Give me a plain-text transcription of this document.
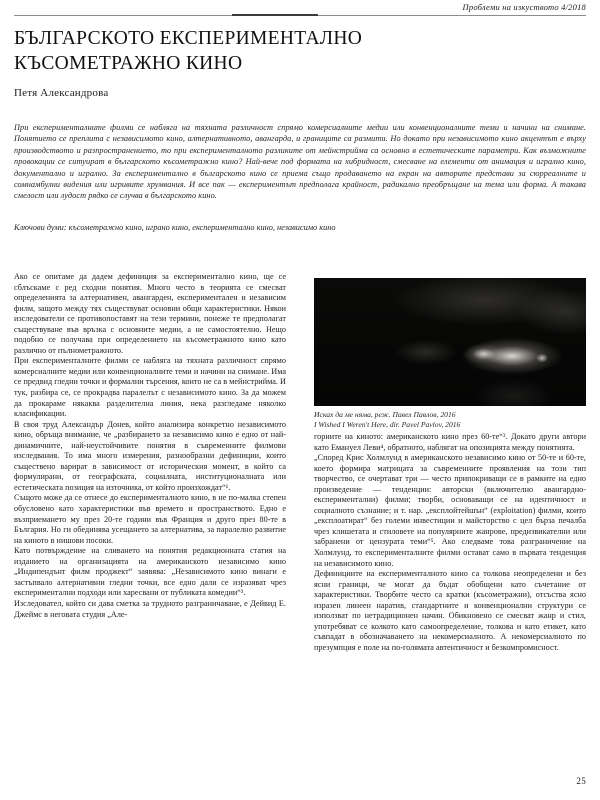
Проблеми на изкуството 4/2018
БЪЛГАРСКОТО ЕКСПЕРИМЕНТАЛНО
КЪСОМЕТРАЖНО КИНО
Петя Александрова
При експерименталните филми се набляга на тяхната различност спрямо комерсиалните медии или конвенционалните теми и начини на снимане. Понятието се преплита с независимото кино, алтернативното, авангарда, и границите са размити. Но докато при независимото кино акцентът е върху производството и разпространението, то при експерименталното разликите от мейнстрийма са основно в естетическите параметри. Как възможните провокации се ситуират в българското късометражно кино? Най-вече под формата на хибридност, смесване на елементи от анимация и игрално кино, документално и игрално. За експериментално в българското кино се приема също продаването на екран на авторите представи за сюрреалните и сомнамбулни видения или игривите хрумвания. И все пак — експериментът предполага крайност, радикално преобръщане на тема или форма. А такава смелост или лудост рядко се случва в българското кино.
Ключови думи: късометражно кино, играно кино, експериментално кино, независимо кино

Ако се опитаме да дадем дефиниция за експериментално кино, ще се сблъскаме с ред сходни понятия. Много често в теорията се смесват определенията за алтернативен, авангарден, експериментален и независим филм, защото между тях съществуват основни общи характеристики. Някои изследователи се противопоставят на тези термини, понеже те предполагат съществуване във връзка с основните медии, а не самостоятелно. Нещо подобно се получава при определението на късометражното кино като различно от пълнометражното.

При експерименталните филми се набляга на тяхната различност спрямо комерсиалните медии или конвенционалните теми и начини на снимане. Има се предвид гледни точки и формални търсения, които не са в мейнстрийма. И тук, разбира се, се прокрадва паралелът с независимото кино. За да можем да прокараме някаква разделителна линия, нека разгледаме няколко класификации.

В своя труд Александър Донев, който анализира конкретно независимото кино, обръща внимание, че „разбирането за независимо кино е едно от най-динамичните, най-неустойчивите понятия в съвременните филмови изследвания. То има много измерения, разнообразни дефиниции, които съществено варират в зависимост от историческия момент, в който са формулирани, от географската, социалната, институционалната или естетическата позиция на източника, от който произхождат“¹.

Същото може да се отнесе до експерименталното кино, в не по-малка степен обусловено като характеристики във времето и пространството. Едно е възприемането му през 20-те години във Франция и друго през 80-те в България. Но ги обединява усещането за алтернатива, за паралелно развитие на киното в нишови посоки.

Като потвърждение на сливането на понятия редакционната статия на изданието на организацията на американското независимо кино „Индипендънт филм проджект“ заявява: „Независимото кино винаги е застъпвало алтернативни гледни точки, все едно дали се изразяват чрез експериментални подходи или харесвани от публиката комедии“².

Изследовател, който си дава сметка за трудното разграничаване, е Дейвид Е. Джеймс в неговата студия „Але-

Исках да ме няма, реж. Павел Павлов, 2016
I Wished I Weren't Here, dir. Pavel Pavlov, 2016

гориите на киното: американското кино през 60-те“³. Докато други автори като Емануел Леви⁴, обратното, наблягат на опозицията между понятията.

„Според Крис Холмлунд в американското независимо кино от 50-те и 60-те, което формира матрицата за съвременните проявления на този тип творчество, се очертават три — често припокриващи се в рамките на едно произведение — тенденции: авторски (включително авангардно-експериментални) филми; творби, основаващи се на идентичност и социалното съзнание; и т. нар. „експлойтейшън“ (exploitation) филми, които „експлоатират“ без големи инвестиции и майсторство с цел бърза печалба чрез клишетата и стиловете на популярните жанрове, предизвикателни или забранени от цензурата теми“⁵. Ако следваме това разграничение на Холмлунд, то експерименталните филми остават само в първата тенденция на независимото кино.

Дефинициите на експерименталното кино са толкова неопределени и без ясни граници, че могат да бъдат обобщени като съчетание от характеристики. Творбите често са кратки (късометражни), отсъства ясно изразен линеен наратив, стандартните и конвенционални структури се използват по нетрадиционен начин. Обикновено се смесват жанр и стил, употребяват се колкото като самоопределение, толкова и като етикет, като съвпадат в обозначаването на некомерсиалното. А некомерсиалното по презумпция е поле на по-голямата автентичност и безкомпромисност.

25
